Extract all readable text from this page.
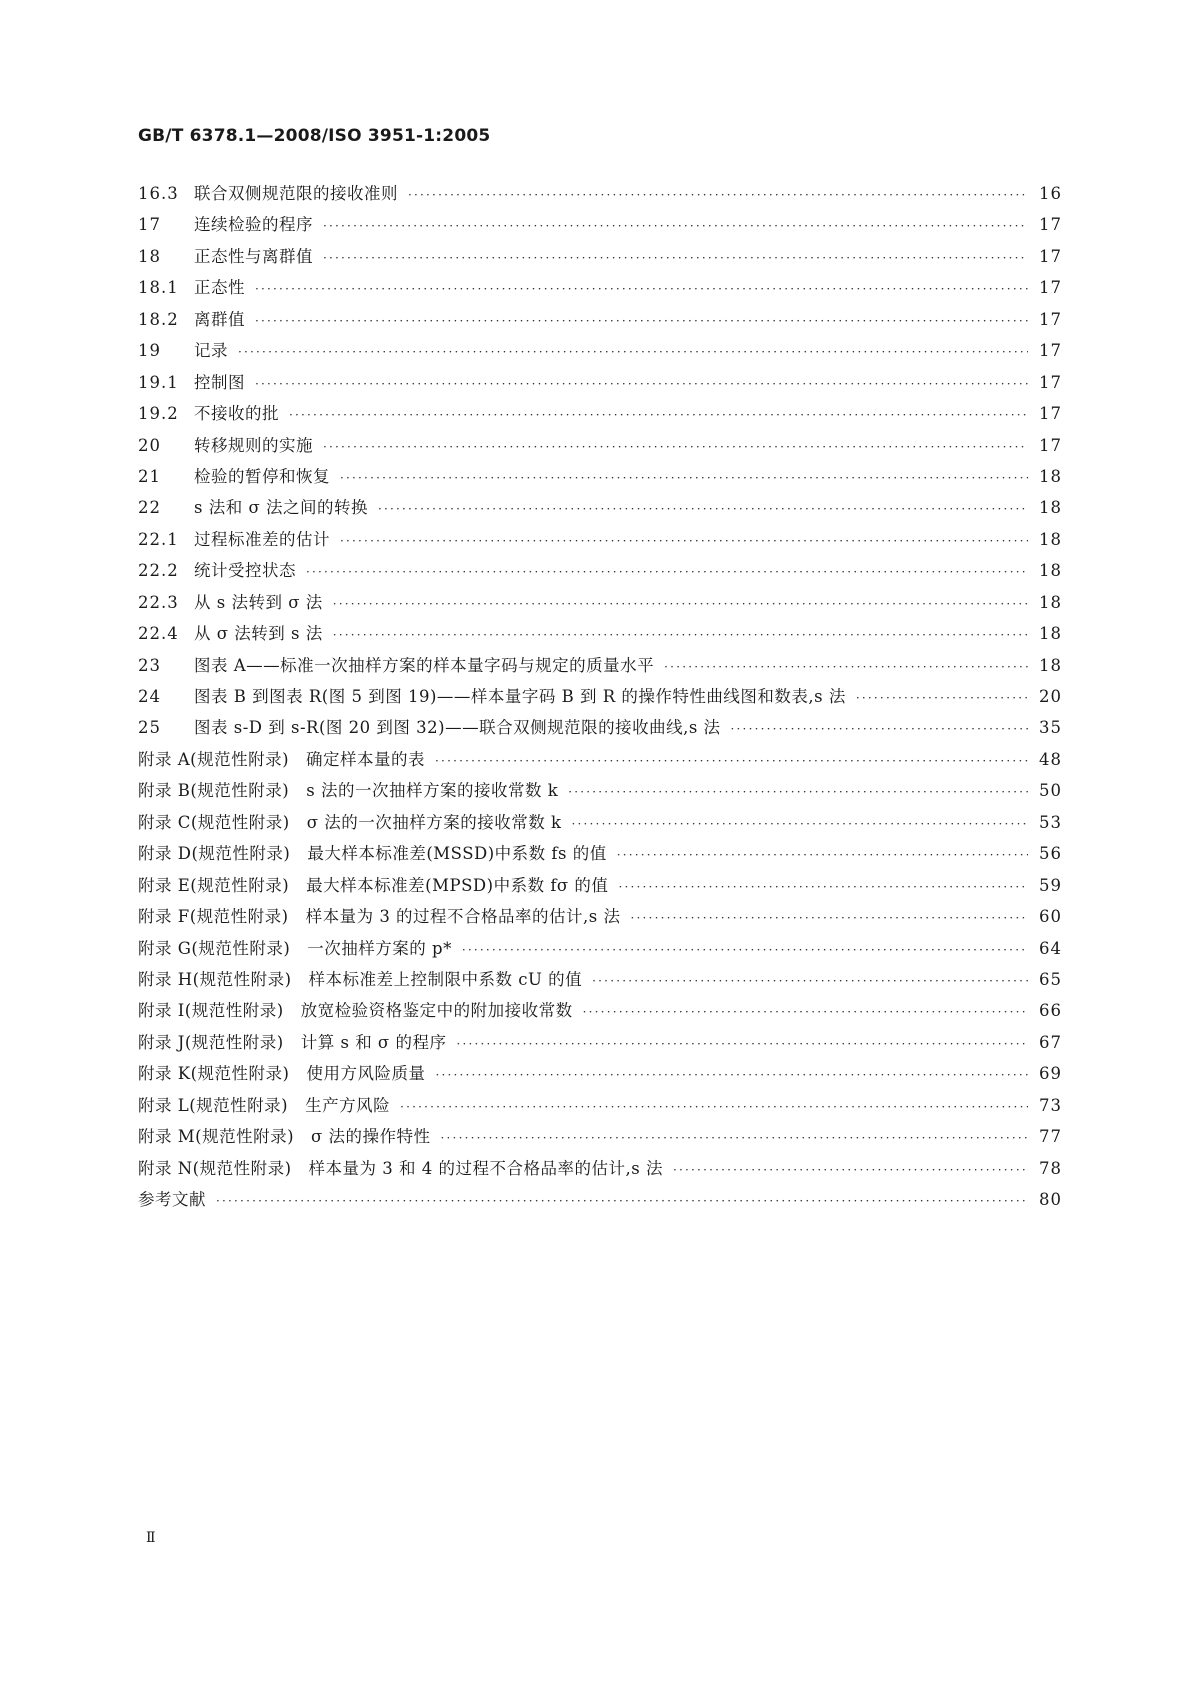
GB/T 6378.1—2008/ISO 3951-1:2005
16.3 联合双侧规范限的接收准则 ·····	16
17	连续检验的程序 ·····	17
18	正态性与离群值 ·····	17
18.1 正态性 ·····	17
18.2 离群值 ·····	17
19	记录 ·····	17
19.1 控制图 ·····	17
19.2 不接收的批 ·····	17
20	转移规则的实施 ·····	17
21	检验的暂停和恢复 ·····	18
22	s 法和 σ 法之间的转换 ·····	18
22.1 过程标准差的估计 ·····	18
22.2 统计受控状态 ·····	18
22.3 从 s 法转到 σ 法 ·····	18
22.4 从 σ 法转到 s 法 ·····	18
23	图表 A——标准一次抽样方案的样本量字码与规定的质量水平 ·····	18
24	图表 B 到图表 R(图 5 到图 19)——样本量字码 B 到 R 的操作特性曲线图和数表,s 法 ·····	20
25	图表 s-D 到 s-R(图 20 到图 32)——联合双侧规范限的接收曲线,s 法 ·····	35
附录 A(规范性附录)　确定样本量的表 ·····	48
附录 B(规范性附录)　s 法的一次抽样方案的接收常数 k ·····	50
附录 C(规范性附录)　σ 法的一次抽样方案的接收常数 k ·····	53
附录 D(规范性附录)　最大样本标准差(MSSD)中系数 fs 的值 ·····	56
附录 E(规范性附录)　最大样本标准差(MPSD)中系数 fσ 的值 ·····	59
附录 F(规范性附录)　样本量为 3 的过程不合格品率的估计,s 法 ·····	60
附录 G(规范性附录)　一次抽样方案的 p* ·····	64
附录 H(规范性附录)　样本标准差上控制限中系数 cU 的值 ·····	65
附录 I(规范性附录)　放宽检验资格鉴定中的附加接收常数 ·····	66
附录 J(规范性附录)　计算 s 和 σ 的程序 ·····	67
附录 K(规范性附录)　使用方风险质量 ·····	69
附录 L(规范性附录)　生产方风险 ·····	73
附录 M(规范性附录)　σ 法的操作特性 ·····	77
附录 N(规范性附录)　样本量为 3 和 4 的过程不合格品率的估计,s 法 ·····	78
参考文献 ·····	80
Ⅱ
